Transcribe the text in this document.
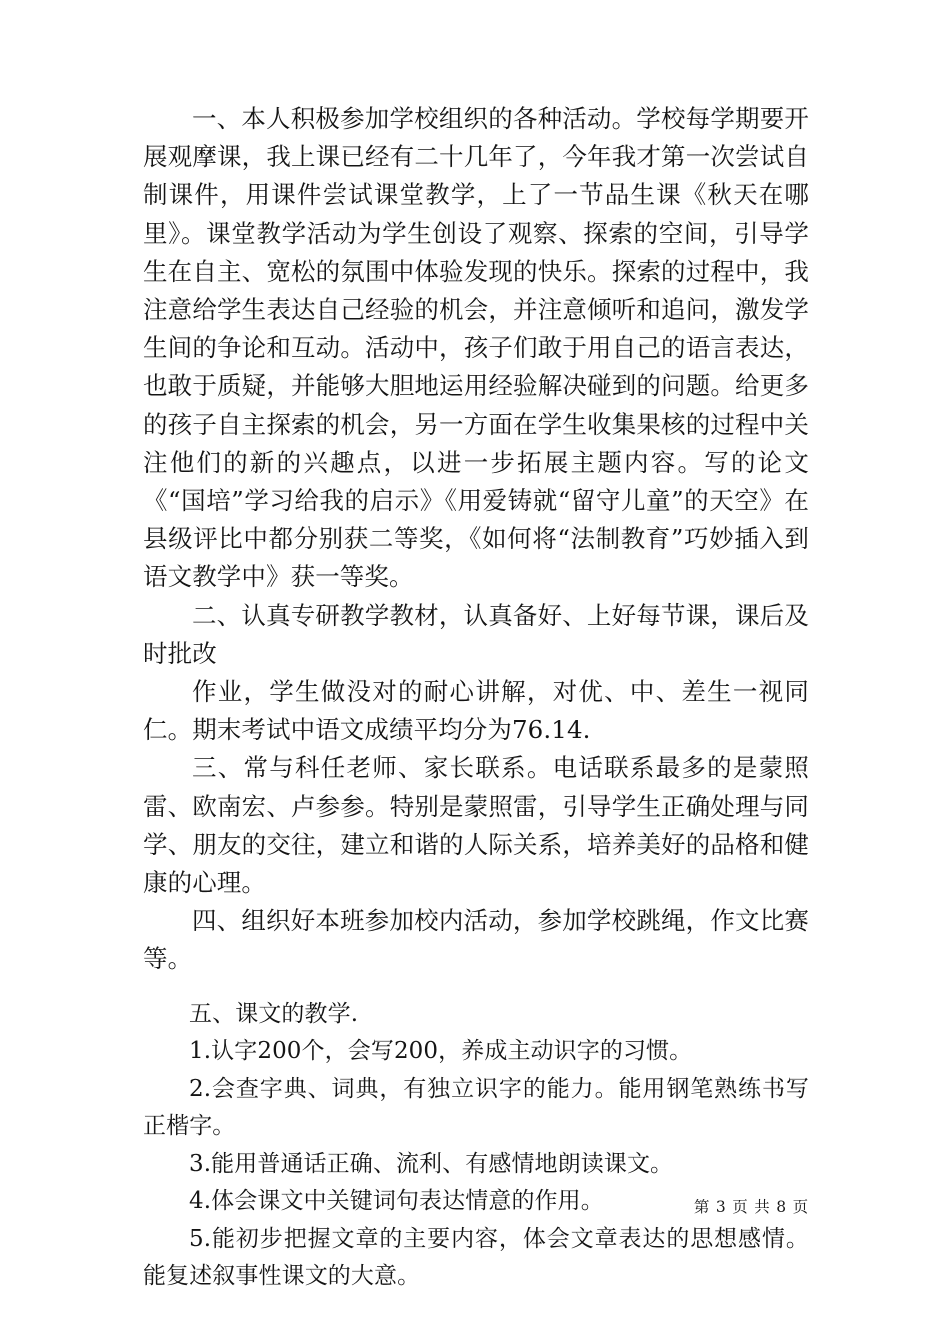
一、本人积极参加学校组织的各种活动。学校每学期要开展观摩课，我上课已经有二十几年了，今年我才第一次尝试自制课件，用课件尝试课堂教学，上了一节品生课《秋天在哪里》。课堂教学活动为学生创设了观察、探索的空间，引导学生在自主、宽松的氛围中体验发现的快乐。探索的过程中，我注意给学生表达自己经验的机会，并注意倾听和追问，激发学生间的争论和互动。活动中，孩子们敢于用自己的语言表达，也敢于质疑，并能够大胆地运用经验解决碰到的问题。给更多的孩子自主探索的机会，另一方面在学生收集果核的过程中关注他们的新的兴趣点，以进一步拓展主题内容。写的论文《“国培”学习给我的启示》《用爱铸就“留守儿童”的天空》在县级评比中都分别获二等奖，《如何将“法制教育”巧妙插入到语文教学中》获一等奖。

二、认真专研教学教材，认真备好、上好每节课，课后及时批改

作业，学生做没对的耐心讲解，对优、中、差生一视同仁。期末考试中语文成绩平均分为76.14.

三、常与科任老师、家长联系。电话联系最多的是蒙照雷、欧南宏、卢参参。特别是蒙照雷，引导学生正确处理与同学、朋友的交往，建立和谐的人际关系，培养美好的品格和健康的心理。

四、组织好本班参加校内活动，参加学校跳绳，作文比赛等。

五、课文的教学.

1.认字200个，会写200，养成主动识字的习惯。

2.会查字典、词典，有独立识字的能力。能用钢笔熟练书写正楷字。

3.能用普通话正确、流利、有感情地朗读课文。

4.体会课文中关键词句表达情意的作用。

5.能初步把握文章的主要内容，体会文章表达的思想感情。能复述叙事性课文的大意。

第 3 页 共 8 页
